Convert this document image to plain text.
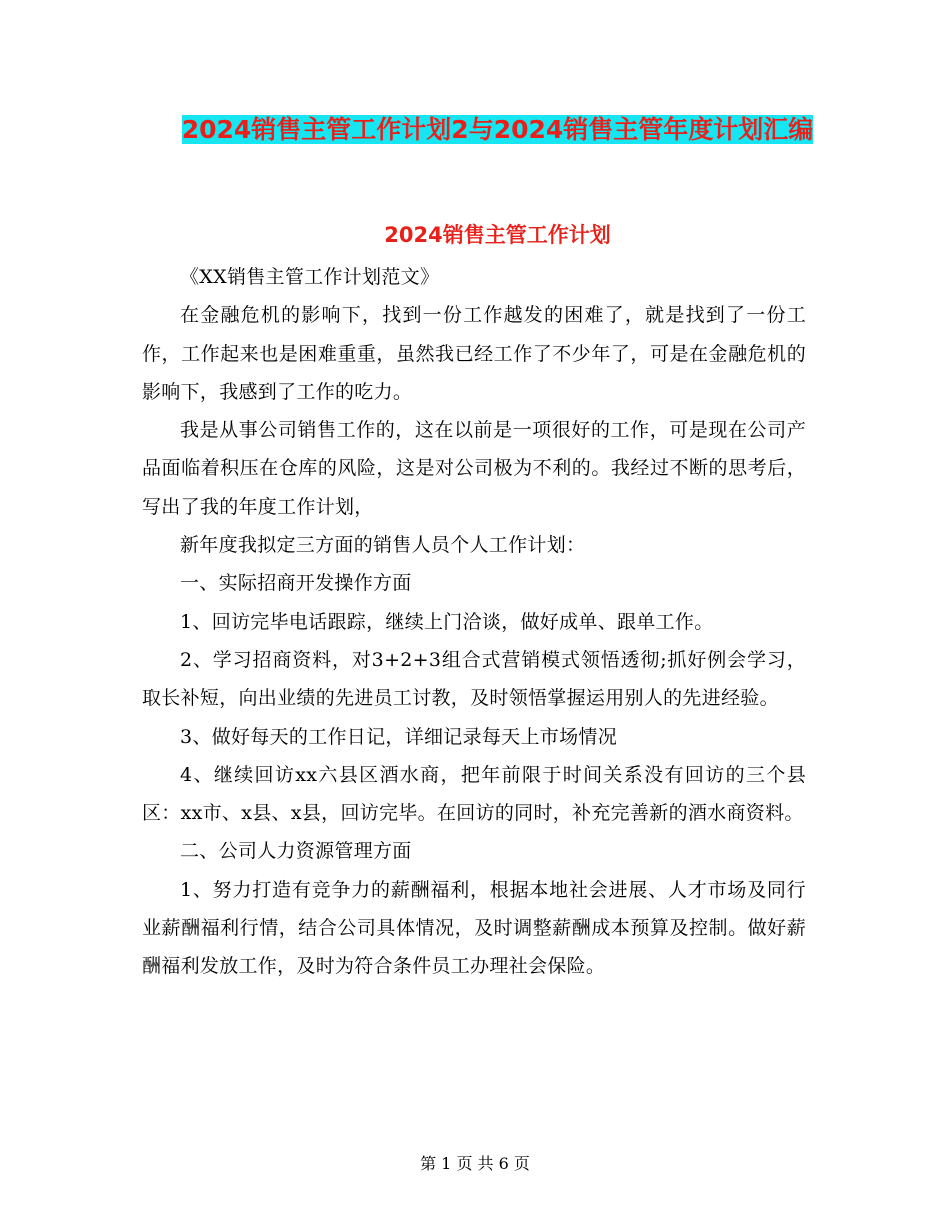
2024销售主管工作计划2与2024销售主管年度计划汇编
2024销售主管工作计划

《XX销售主管工作计划范文》

在金融危机的影响下，找到一份工作越发的困难了，就是找到了一份工作，工作起来也是困难重重，虽然我已经工作了不少年了，可是在金融危机的影响下，我感到了工作的吃力。

我是从事公司销售工作的，这在以前是一项很好的工作，可是现在公司产品面临着积压在仓库的风险，这是对公司极为不利的。我经过不断的思考后，写出了我的年度工作计划，

新年度我拟定三方面的销售人员个人工作计划：

一、实际招商开发操作方面

1、回访完毕电话跟踪，继续上门洽谈，做好成单、跟单工作。

2、学习招商资料，对3+2+3组合式营销模式领悟透彻;抓好例会学习，取长补短，向出业绩的先进员工讨教，及时领悟掌握运用别人的先进经验。

3、做好每天的工作日记，详细记录每天上市场情况

4、继续回访xx六县区酒水商，把年前限于时间关系没有回访的三个县区：xx市、x县、x县，回访完毕。在回访的同时，补充完善新的酒水商资料。

二、公司人力资源管理方面

1、努力打造有竞争力的薪酬福利，根据本地社会进展、人才市场及同行业薪酬福利行情，结合公司具体情况，及时调整薪酬成本预算及控制。做好薪酬福利发放工作，及时为符合条件员工办理社会保险。

第 1 页 共 6 页
